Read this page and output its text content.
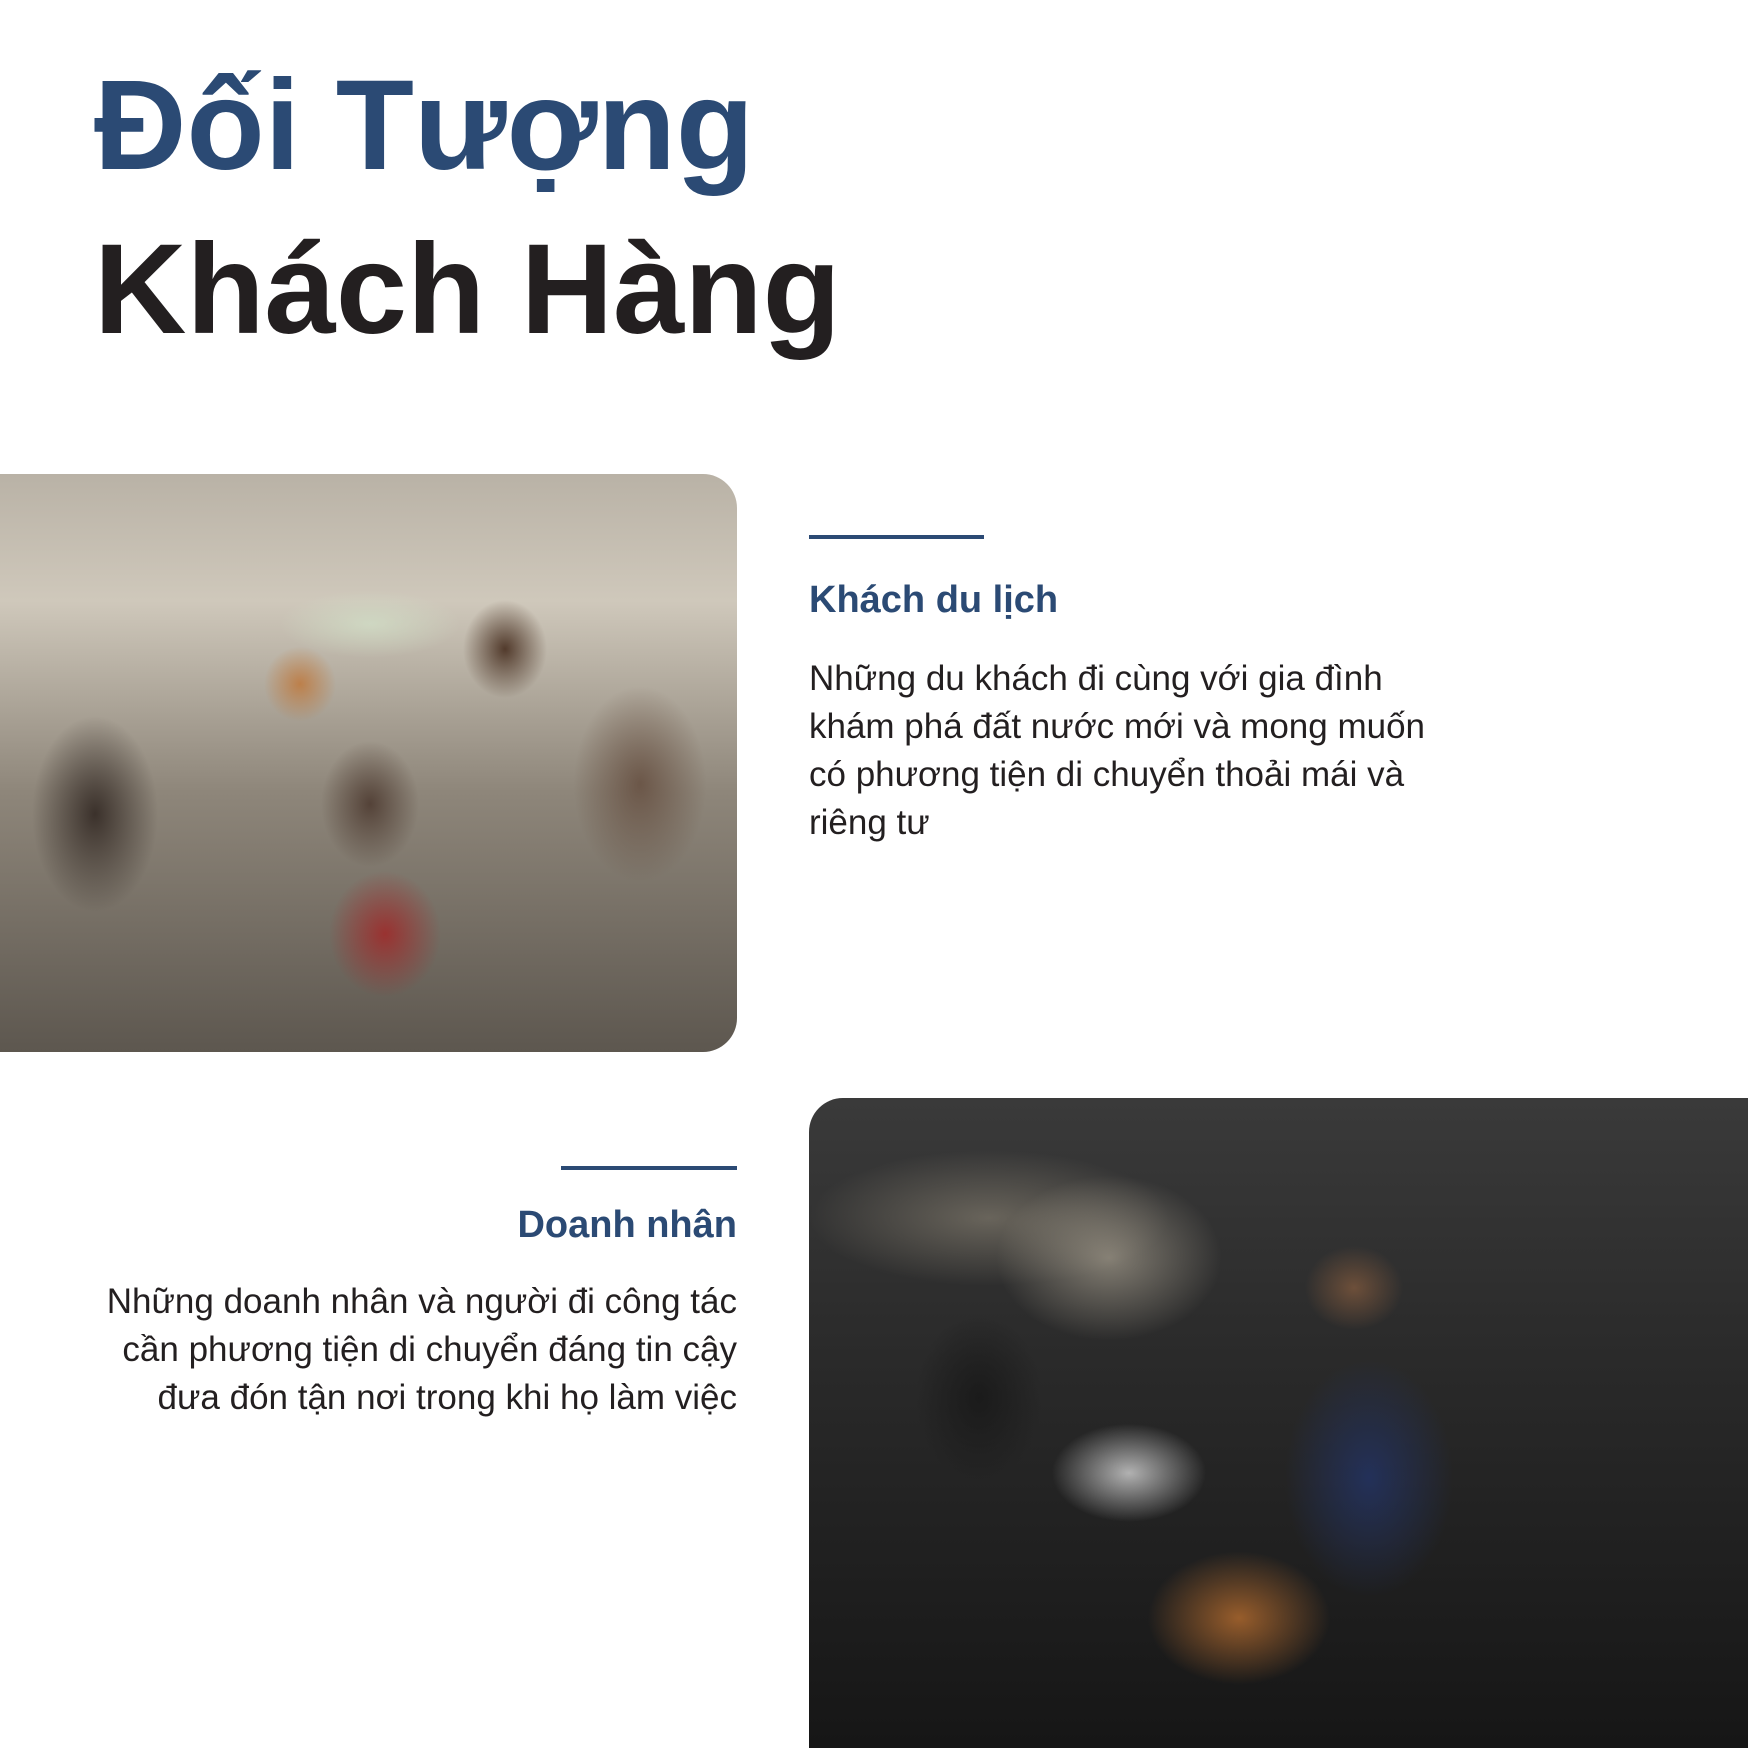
Đối Tượng
Khách Hàng
Khách du lịch

Những du khách đi cùng với gia đình khám phá đất nước mới và mong muốn có phương tiện di chuyển thoải mái và riêng tư

Doanh nhân

Những doanh nhân và người đi công tác cần phương tiện di chuyển đáng tin cậy đưa đón tận nơi trong khi họ làm việc
